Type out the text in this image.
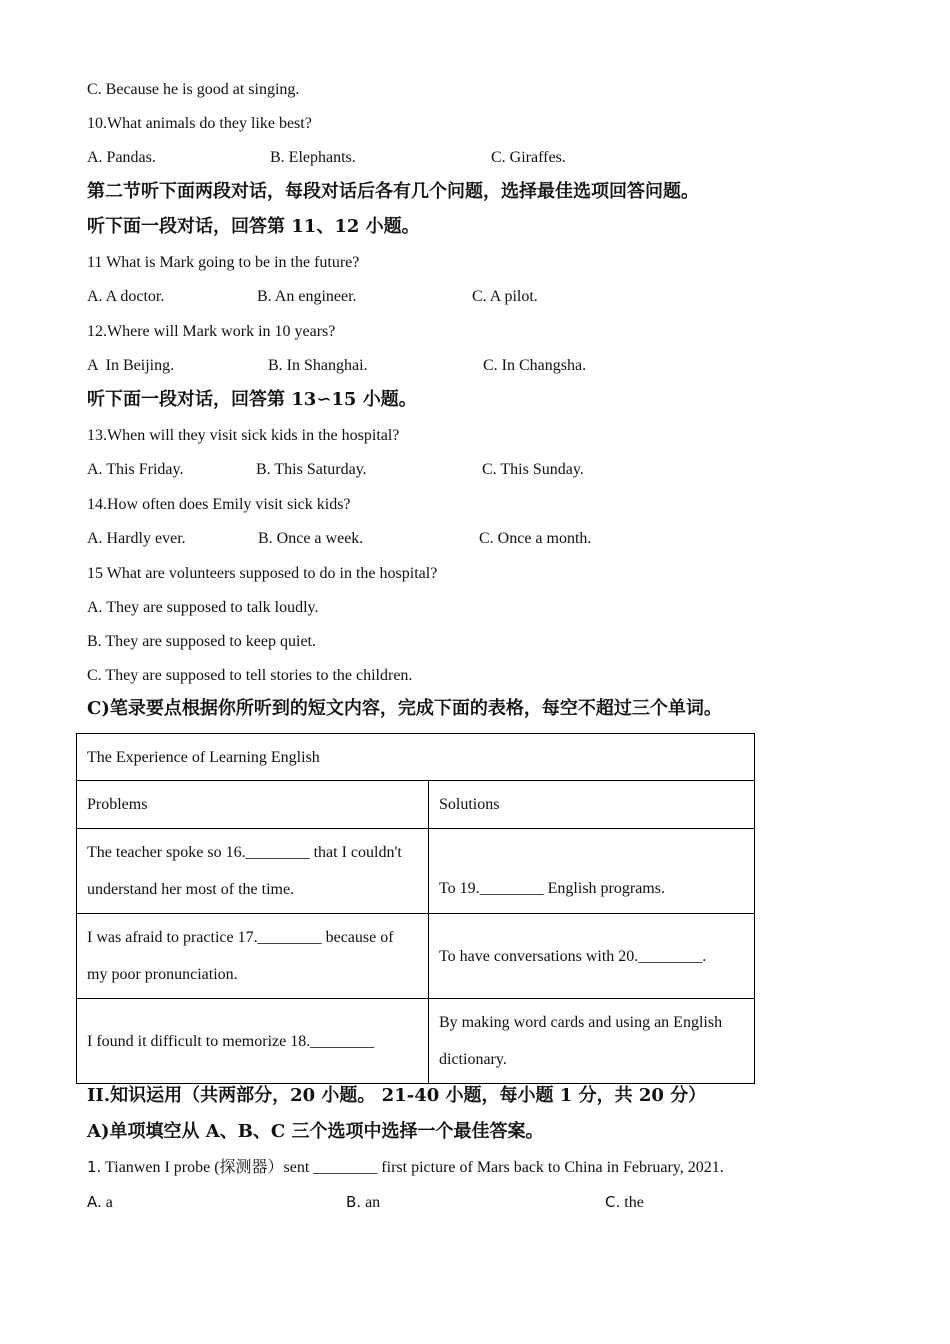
C. Because he is good at singing.
10.What animals do they like best?
A. Pandas.	B. Elephants.	C. Giraffes.
第二节听下面两段对话，每段对话后各有几个问题，选择最佳选项回答问题。
听下面一段对话，回答第 11、12 小题。
11 What is Mark going to be in the future?
A. A doctor.	B. An engineer.	C. A pilot.
12.Where will Mark work in 10 years?
A  In Beijing.	B. In Shanghai.	C. In Changsha.
听下面一段对话，回答第 13∽15 小题。
13.When will they visit sick kids in the hospital?
A. This Friday.	B. This Saturday.	C. This Sunday.
14.How often does Emily visit sick kids?
A. Hardly ever.	B. Once a week.	C. Once a month.
15 What are volunteers supposed to do in the hospital?
A. They are supposed to talk loudly.
B. They are supposed to keep quiet.
C. They are supposed to tell stories to the children.
C)笔录要点根据你所听到的短文内容，完成下面的表格，每空不超过三个单词。
The Experience of Learning English	
Problems	Solutions

The teacher spoke so 16.________ that I couldn't
understand her most of the time.	To 19.________ English programs.

I was afraid to practice 17.________ because of
my poor pronunciation.	To have conversations with 20.________.
I found it difficult to memorize 18.________	By making word cards and using an English
dictionary.
II.知识运用（共两部分，20 小题。 21-40 小题，每小题 1 分，共 20 分）
A)单项填空从 A、B、C 三个选项中选择一个最佳答案。
1. Tianwen I probe (探测器）sent ________ first picture of Mars back to China in February, 2021.
A. a	B. an	C. the
